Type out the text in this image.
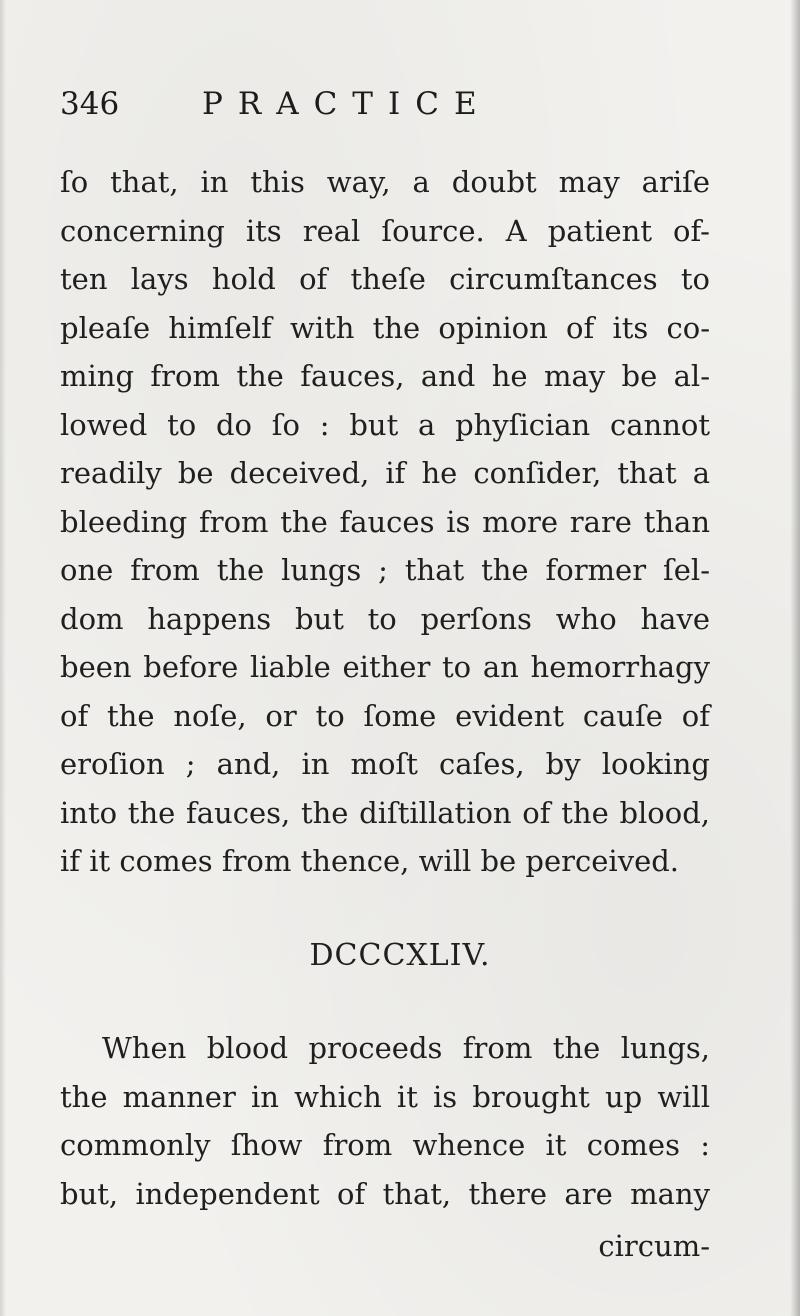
346	PRACTICE
ſo that, in this way, a doubt may ariſe
concerning its real ſource. A patient of-
ten lays hold of theſe circumſtances to
pleaſe himſelf with the opinion of its co-
ming from the fauces, and he may be al-
lowed to do ſo : but a phyſician cannot
readily be deceived, if he conſider, that a
bleeding from the fauces is more rare than
one from the lungs ; that the former ſel-
dom happens but to perſons who have
been before liable either to an hemorrhagy
of the noſe, or to ſome evident cauſe of
eroſion ; and, in moſt caſes, by looking
into the fauces, the diſtillation of the blood,
if it comes from thence, will be perceived.
DCCCXLIV.
When blood proceeds from the lungs,
the manner in which it is brought up will
commonly ſhow from whence it comes :
but, independent of that, there are many
circum-
